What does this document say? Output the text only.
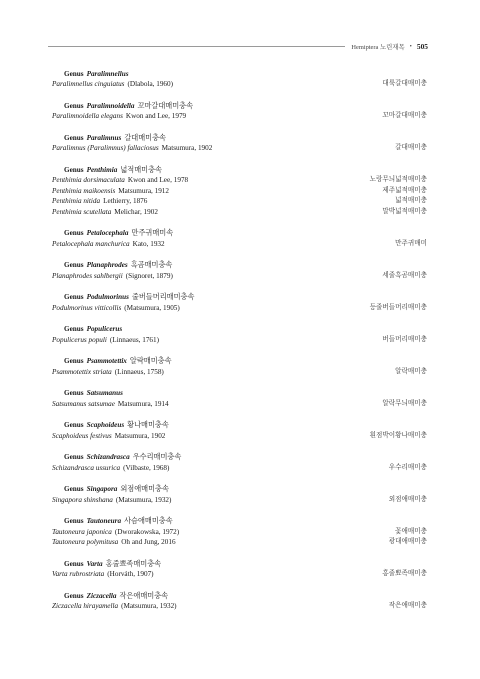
Hemiptera 노린재목 • 505
Genus Paralimnellus
Paralimnellus cinguiatus (Dlabola, 1960)	대륙갈대매미충
Genus Paralimnoidella 꼬마갈대매미충속
Paralimnoidella elegans Kwon and Lee, 1979	꼬마갈대매미충
Genus Paralimnus 갈대매미충속
Paralimnus (Paralimnus) fallaciosus Matsumura, 1902	갈대매미충
Genus Penthimia 넓적매미충속
Penthimia dorsimaculata Kwon and Lee, 1978	노랑무늬넓적매미충
Penthimia maikoensis Matsumura, 1912	제주넓적매미충
Penthimia nitida Lethierry, 1876	넓적매미충
Penthimia scutellata Melichar, 1902	말박넓적매미충
Genus Petalocephala 만주귀매미속
Petalocephala manchurica Kato, 1932	만주귀매미
Genus Planaphrodes 흑곰매미충속
Planaphrodes sahlbergii (Signoret, 1879)	세줄흑곰매미충
Genus Podulmorinus 줄버들머리매미충속
Podulmorinus vitticollis (Matsumura, 1905)	등줄버들머리매미충
Genus Populicerus
Populicerus populi (Linnaeus, 1761)	버들머리매미충
Genus Psammotettix 알락매미충속
Psammotettix striata (Linnaeus, 1758)	알락매미충
Genus Satsumanus
Satsumanus satsumae Matsumura, 1914	알락무늬매미충
Genus Scaphoideus 황나매미충속
Scaphoideus festivus Matsumura, 1902	흰점박이황나매미충
Genus Schizandrasca 우수리매미충속
Schizandrasca ussurica (Vilbaste, 1968)	우수리매미충
Genus Singapora 외점애매미충속
Singapora shinshana (Matsumura, 1932)	외점애매미충
Genus Tautoneura 사슴애매미충속
Tautoneura japonica (Dworakowska, 1972)	꽃애매미충
Tautoneura polymitusa Oh and Jung, 2016	광대애매미충
Genus Varta 홍줄뾰족매미충속
Varta rubrostriata (Horváth, 1907)	홍줄뾰족매미충
Genus Ziczacella 작은애매미충속
Ziczacella hirayamella (Matsumura, 1932)	작은애매미충
